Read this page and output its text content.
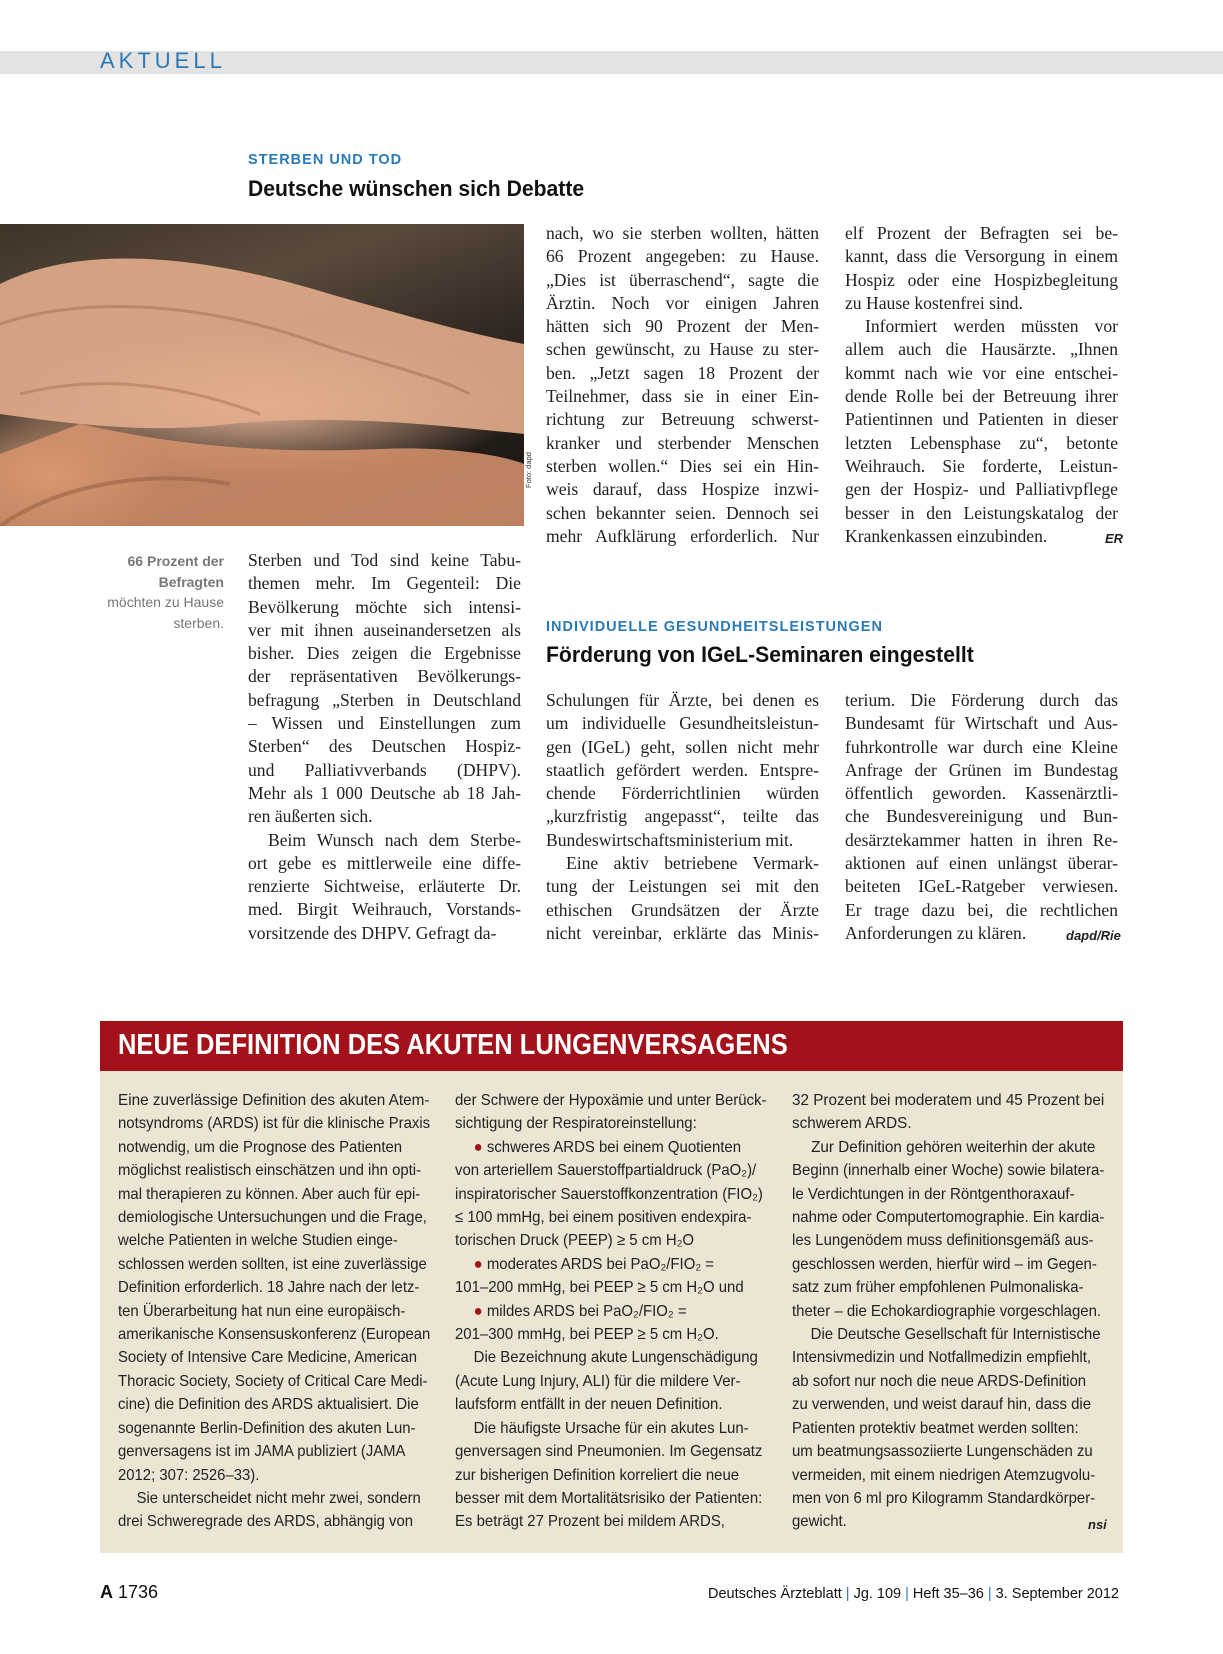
AKTUELL
STERBEN UND TOD
Deutsche wünschen sich Debatte
Foto: dapd
66 Prozent der Befragten
möchten zu Hause sterben.
Sterben und Tod sind keine Tabu-
themen mehr. Im Gegenteil: Die
Bevölkerung möchte sich intensi-
ver mit ihnen auseinandersetzen als
bisher. Dies zeigen die Ergebnisse
der repräsentativen Bevölkerungs-
befragung „Sterben in Deutschland
– Wissen und Einstellungen zum
Sterben“ des Deutschen Hospiz-
und Palliativverbands (DHPV).
Mehr als 1 000 Deutsche ab 18 Jah-
ren äußerten sich.
Beim Wunsch nach dem Sterbe-
ort gebe es mittlerweile eine diffe-
renzierte Sichtweise, erläuterte Dr.
med. Birgit Weihrauch, Vorstands-
vorsitzende des DHPV. Gefragt da-
nach, wo sie sterben wollten, hätten
66 Prozent angegeben: zu Hause.
„Dies ist überraschend“, sagte die
Ärztin. Noch vor einigen Jahren
hätten sich 90 Prozent der Men-
schen gewünscht, zu Hause zu ster-
ben. „Jetzt sagen 18 Prozent der
Teilnehmer, dass sie in einer Ein-
richtung zur Betreuung schwerst-
kranker und sterbender Menschen
sterben wollen.“ Dies sei ein Hin-
weis darauf, dass Hospize inzwi-
schen bekannter seien. Dennoch sei
mehr Aufklärung erforderlich. Nur
elf Prozent der Befragten sei be-
kannt, dass die Versorgung in einem
Hospiz oder eine Hospizbegleitung
zu Hause kostenfrei sind.
Informiert werden müssten vor
allem auch die Hausärzte. „Ihnen
kommt nach wie vor eine entschei-
dende Rolle bei der Betreuung ihrer
Patientinnen und Patienten in dieser
letzten Lebensphase zu“, betonte
Weihrauch. Sie forderte, Leistun-
gen der Hospiz- und Palliativpflege
besser in den Leistungskatalog der
Krankenkassen einzubinden.	ER
INDIVIDUELLE GESUNDHEITSLEISTUNGEN
Förderung von IGeL-Seminaren eingestellt
Schulungen für Ärzte, bei denen es
um individuelle Gesundheitsleistun-
gen (IGeL) geht, sollen nicht mehr
staatlich gefördert werden. Entspre-
chende Förderrichtlinien würden
„kurzfristig angepasst“, teilte das
Bundeswirtschaftsministerium mit.
Eine aktiv betriebene Vermark-
tung der Leistungen sei mit den
ethischen Grundsätzen der Ärzte
nicht vereinbar, erklärte das Minis-
terium. Die Förderung durch das
Bundesamt für Wirtschaft und Aus-
fuhrkontrolle war durch eine Kleine
Anfrage der Grünen im Bundestag
öffentlich geworden. Kassenärztli-
che Bundesvereinigung und Bun-
desärztekammer hatten in ihren Re-
aktionen auf einen unlängst überar-
beiteten IGeL-Ratgeber verwiesen.
Er trage dazu bei, die rechtlichen
Anforderungen zu klären.	dapd/Rie
NEUE DEFINITION DES AKUTEN LUNGENVERSAGENS
Eine zuverlässige Definition des akuten Atem-
notsyndroms (ARDS) ist für die klinische Praxis
notwendig, um die Prognose des Patienten
möglichst realistisch einschätzen und ihn opti-
mal therapieren zu können. Aber auch für epi-
demiologische Untersuchungen und die Frage,
welche Patienten in welche Studien einge-
schlossen werden sollten, ist eine zuverlässige
Definition erforderlich. 18 Jahre nach der letz-
ten Überarbeitung hat nun eine europäisch-
amerikanische Konsensuskonferenz (European
Society of Intensive Care Medicine, American
Thoracic Society, Society of Critical Care Medi-
cine) die Definition des ARDS aktualisiert. Die
sogenannte Berlin-Definition des akuten Lun-
genversagens ist im JAMA publiziert (JAMA
2012; 307: 2526–33).
Sie unterscheidet nicht mehr zwei, sondern
drei Schweregrade des ARDS, abhängig von
der Schwere der Hypoxämie und unter Berück-
sichtigung der Respiratoreinstellung:
● schweres ARDS bei einem Quotienten
von arteriellem Sauerstoffpartialdruck (PaO₂)/
inspiratorischer Sauerstoffkonzentration (FIO₂)
≤ 100 mmHg, bei einem positiven endexpira-
torischen Druck (PEEP) ≥ 5 cm H₂O
● moderates ARDS bei PaO₂/FIO₂ =
101–200 mmHg, bei PEEP ≥ 5 cm H₂O und
● mildes ARDS bei PaO₂/FIO₂ =
201–300 mmHg, bei PEEP ≥ 5 cm H₂O.
Die Bezeichnung akute Lungenschädigung
(Acute Lung Injury, ALI) für die mildere Ver-
laufsform entfällt in der neuen Definition.
Die häufigste Ursache für ein akutes Lun-
genversagen sind Pneumonien. Im Gegensatz
zur bisherigen Definition korreliert die neue
besser mit dem Mortalitätsrisiko der Patienten:
Es beträgt 27 Prozent bei mildem ARDS,
32 Prozent bei moderatem und 45 Prozent bei
schwerem ARDS.
Zur Definition gehören weiterhin der akute
Beginn (innerhalb einer Woche) sowie bilatera-
le Verdichtungen in der Röntgenthoraxauf-
nahme oder Computertomographie. Ein kardia-
les Lungenödem muss definitionsgemäß aus-
geschlossen werden, hierfür wird – im Gegen-
satz zum früher empfohlenen Pulmonaliska-
theter – die Echokardiographie vorgeschlagen.
Die Deutsche Gesellschaft für Internistische
Intensivmedizin und Notfallmedizin empfiehlt,
ab sofort nur noch die neue ARDS-Definition
zu verwenden, und weist darauf hin, dass die
Patienten protektiv beatmet werden sollten:
um beatmungsassoziierte Lungenschäden zu
vermeiden, mit einem niedrigen Atemzugvolu-
men von 6 ml pro Kilogramm Standardkörper-
gewicht.	nsi
A 1736	Deutsches Ärzteblatt | Jg. 109 | Heft 35–36 | 3. September 2012
